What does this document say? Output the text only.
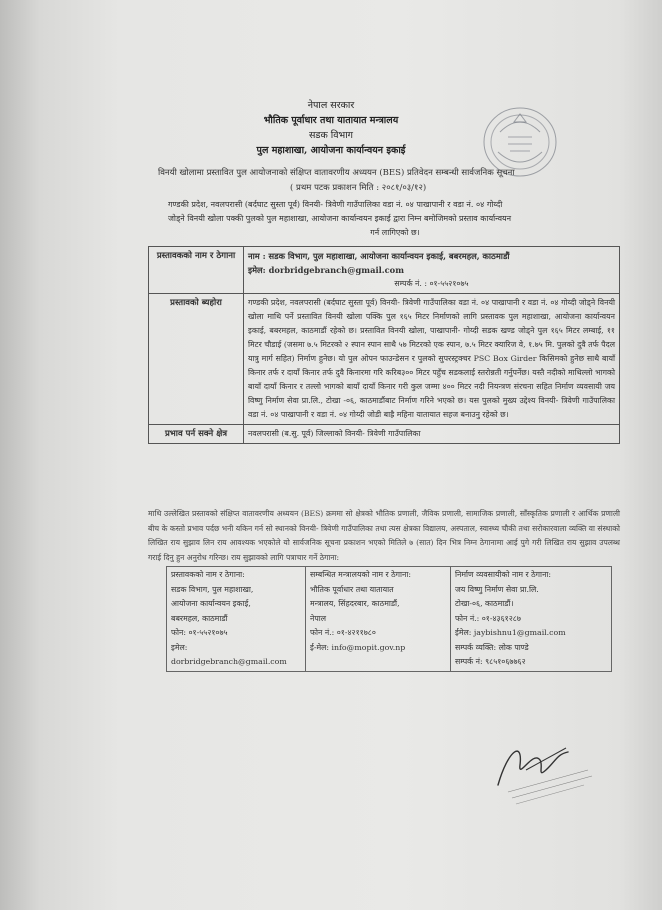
नेपाल सरकार
भौतिक पूर्वाधार तथा यातायात मन्त्रालय
सडक विभाग
पुल महाशाखा, आयोजना कार्यान्वयन इकाई
विनयी खोलामा प्रस्तावित पुल आयोजनाको संक्षिप्त वातावरणीय अध्ययन (BES) प्रतिवेदन सम्बन्धी सार्वजनिक सूचना
( प्रथम पटक प्रकाशन मिति : २०८१/०३/१२)

गण्डकी प्रदेश, नवलपरासी (बर्दघाट सुस्ता पूर्व) विनयी- त्रिवेणी गाउँपालिका वडा नं. ०४ पाखापानी र वडा नं. ०४ गोय्दी

जोड्ने विनयी खोला पक्की पुलको पुल महाशाखा, आयोजना कार्यान्वयन इकाई द्वारा निम्न बमोजिमको प्रस्ताव कार्यान्वयन

गर्न लागिएको छ।

प्रस्तावकको नाम र ठेगाना	नाम : सडक विभाग, पुल महाशाखा, आयोजना कार्यान्वयन इकाई, बबरमहल, काठमाडौं
इमेल: dorbridgebranch@gmail.com
सम्पर्क नं. : ०१-५५२१०७५

प्रस्तावको ब्यहोरा	गण्डकी प्रदेश, नवलपरासी (बर्दघाट सुस्ता पूर्व) विनयी- त्रिवेणी गाउँपालिका वडा नं. ०४ पाखापानी र वडा नं. ०४ गोय्दी जोड्ने विनयी खोला माथि पर्ने प्रस्तावित विनयी खोला पक्कि पुल १६५ मिटर निर्माणको लागि प्रस्तावक पुल महाशाखा, आयोजना कार्यान्वयन इकाई, बबरमहल, काठमाडौं रहेको छ। प्रस्तावित विनयी खोला, पाखापानी- गोय्दी सडक खण्ड जोड्ने पुल १६५ मिटर लम्बाई, ११ मिटर चौडाई (जसमा ७.५ मिटरको २ स्पान स्पान साथै ५७ मिटरको एक स्पान, ७.५ मिटर क्यारिज वे, १.७५ मि. पुलको दुवै तर्फ पैदल यात्रु मार्ग सहित) निर्माण हुनेछ। यो पुल ओपन फाउन्डेसन र पुलको सुपरस्ट्रक्चर PSC Box Girder किसिमको हुनेछ साथै बायाँ किनार तर्फ र दायाँ किनार तर्फ दुवै किनारमा गरि करिब३०० मिटर पहुँच सडकलाई स्तरोन्नती गर्नुपर्नेछ। यस्तै नदीको माथिल्लो भागको बायाँ दायाँ किनार र तल्लो भागको बायाँ दायाँ किनार गरी कुल जम्मा ४०० मिटर नदी नियन्त्रण संरचना सहित निर्माण व्यवसायी जय विष्णु निर्माण सेवा प्रा.लि., टोखा -०६, काठमाडौंबाट निर्माण गरिने भएको छ। यस पुलको मुख्य उद्देश्य विनयी- त्रिवेणी गाउँपालिका वडा नं. ०४ पाखापानी र वडा नं. ०४ गोय्दी जोडी बाह्रै महिना यातायात सहज बनाउनु रहेको छ।
प्रभाव पर्न सक्ने क्षेत्र	नवलपरासी (ब.सु. पूर्व) जिल्लाको विनयी- त्रिवेणी गाउँपालिका

माथि उल्लेखित प्रस्तावको संक्षिप्त वातावरणीय अध्ययन (BES) क्रममा सो क्षेत्रको भौतिक प्रणाली, जैविक प्रणाली, सामाजिक प्रणाली, साँस्कृतिक प्रणाली र आर्थिक प्रणाली बीच के कस्तो प्रभाव पर्दछ भनी यकिन गर्न सो स्थानको विनयी- त्रिवेणी गाउँपालिका तथा त्यस क्षेत्रका विद्यालय, अस्पताल, स्वास्थ्य चौकी तथा सरोकारवाला व्यक्ति वा संस्थाको लिखित राय सुझाव लिन राय आवश्यक भएकोले यो सार्वजनिक सूचना प्रकाशन भएको मितिले ७ (सात) दिन भित्र निम्न ठेगानामा आई पुगे गरी लिखित राय सुझाव उपलब्ध गराई दिनु हुन अनुरोध गरिन्छ। राय सुझावको लागि पत्राचार गर्ने ठेगाना:

प्रस्तावकको नाम र ठेगाना:
सडक विभाग, पुल महाशाखा,
आयोजना कार्यान्वयन इकाई,
बबरमहल, काठमाडौं
फोन: ०१-५५२१०७५
इमेल:
dorbridgebranch@gmail.com

सम्बन्धित मन्त्रालयको नाम र ठेगाना:
भौतिक पूर्वाधार तथा यातायात
मन्त्रालय, सिंहदरबार, काठमाडौं,
नेपाल
फोन नं.: ०१-४२११७८०
ई-मेल: info@mopit.gov.np

निर्माण व्यवसायीको नाम र ठेगाना:
जय विष्णु निर्माण सेवा प्रा.लि.
टोखा-०६, काठमाडौं।
फोन नं.: ०१-४३६१२८७
ईमेल: jaybishnu1@gmail.com
सम्पर्क व्यक्ति: लोक पाण्डे
सम्पर्क नं: ९८५१०६७७६२
